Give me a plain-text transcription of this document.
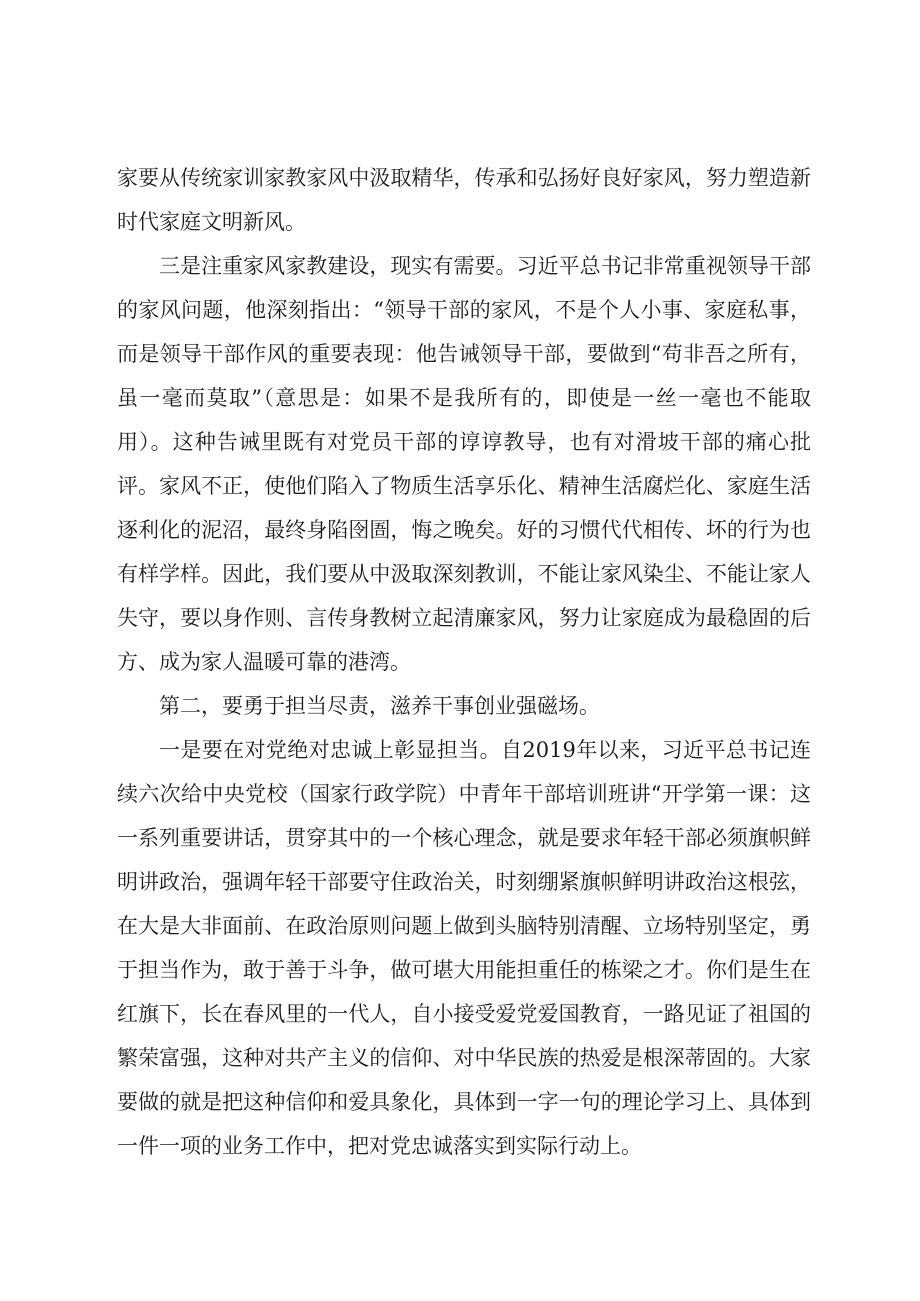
家要从传统家训家教家风中汲取精华，传承和弘扬好良好家风，努力塑造新时代家庭文明新风。

三是注重家风家教建设，现实有需要。习近平总书记非常重视领导干部的家风问题，他深刻指出：“领导干部的家风，不是个人小事、家庭私事，而是领导干部作风的重要表现：他告诫领导干部，要做到“苟非吾之所有，虽一毫而莫取”（意思是：如果不是我所有的，即使是一丝一毫也不能取用）。这种告诫里既有对党员干部的谆谆教导，也有对滑坡干部的痛心批评。家风不正，使他们陷入了物质生活享乐化、精神生活腐烂化、家庭生活逐利化的泥沼，最终身陷囹圄，悔之晚矣。好的习惯代代相传、坏的行为也有样学样。因此，我们要从中汲取深刻教训，不能让家风染尘、不能让家人失守，要以身作则、言传身教树立起清廉家风，努力让家庭成为最稳固的后方、成为家人温暖可靠的港湾。

第二，要勇于担当尽责，滋养干事创业强磁场。

一是要在对党绝对忠诚上彰显担当。自2019年以来，习近平总书记连续六次给中央党校（国家行政学院）中青年干部培训班讲“开学第一课：这一系列重要讲话，贯穿其中的一个核心理念，就是要求年轻干部必须旗帜鲜明讲政治，强调年轻干部要守住政治关，时刻绷紧旗帜鲜明讲政治这根弦，在大是大非面前、在政治原则问题上做到头脑特别清醒、立场特别坚定，勇于担当作为，敢于善于斗争，做可堪大用能担重任的栋梁之才。你们是生在红旗下，长在春风里的一代人，自小接受爱党爱国教育，一路见证了祖国的繁荣富强，这种对共产主义的信仰、对中华民族的热爱是根深蒂固的。大家要做的就是把这种信仰和爱具象化，具体到一字一句的理论学习上、具体到一件一项的业务工作中，把对党忠诚落实到实际行动上。
